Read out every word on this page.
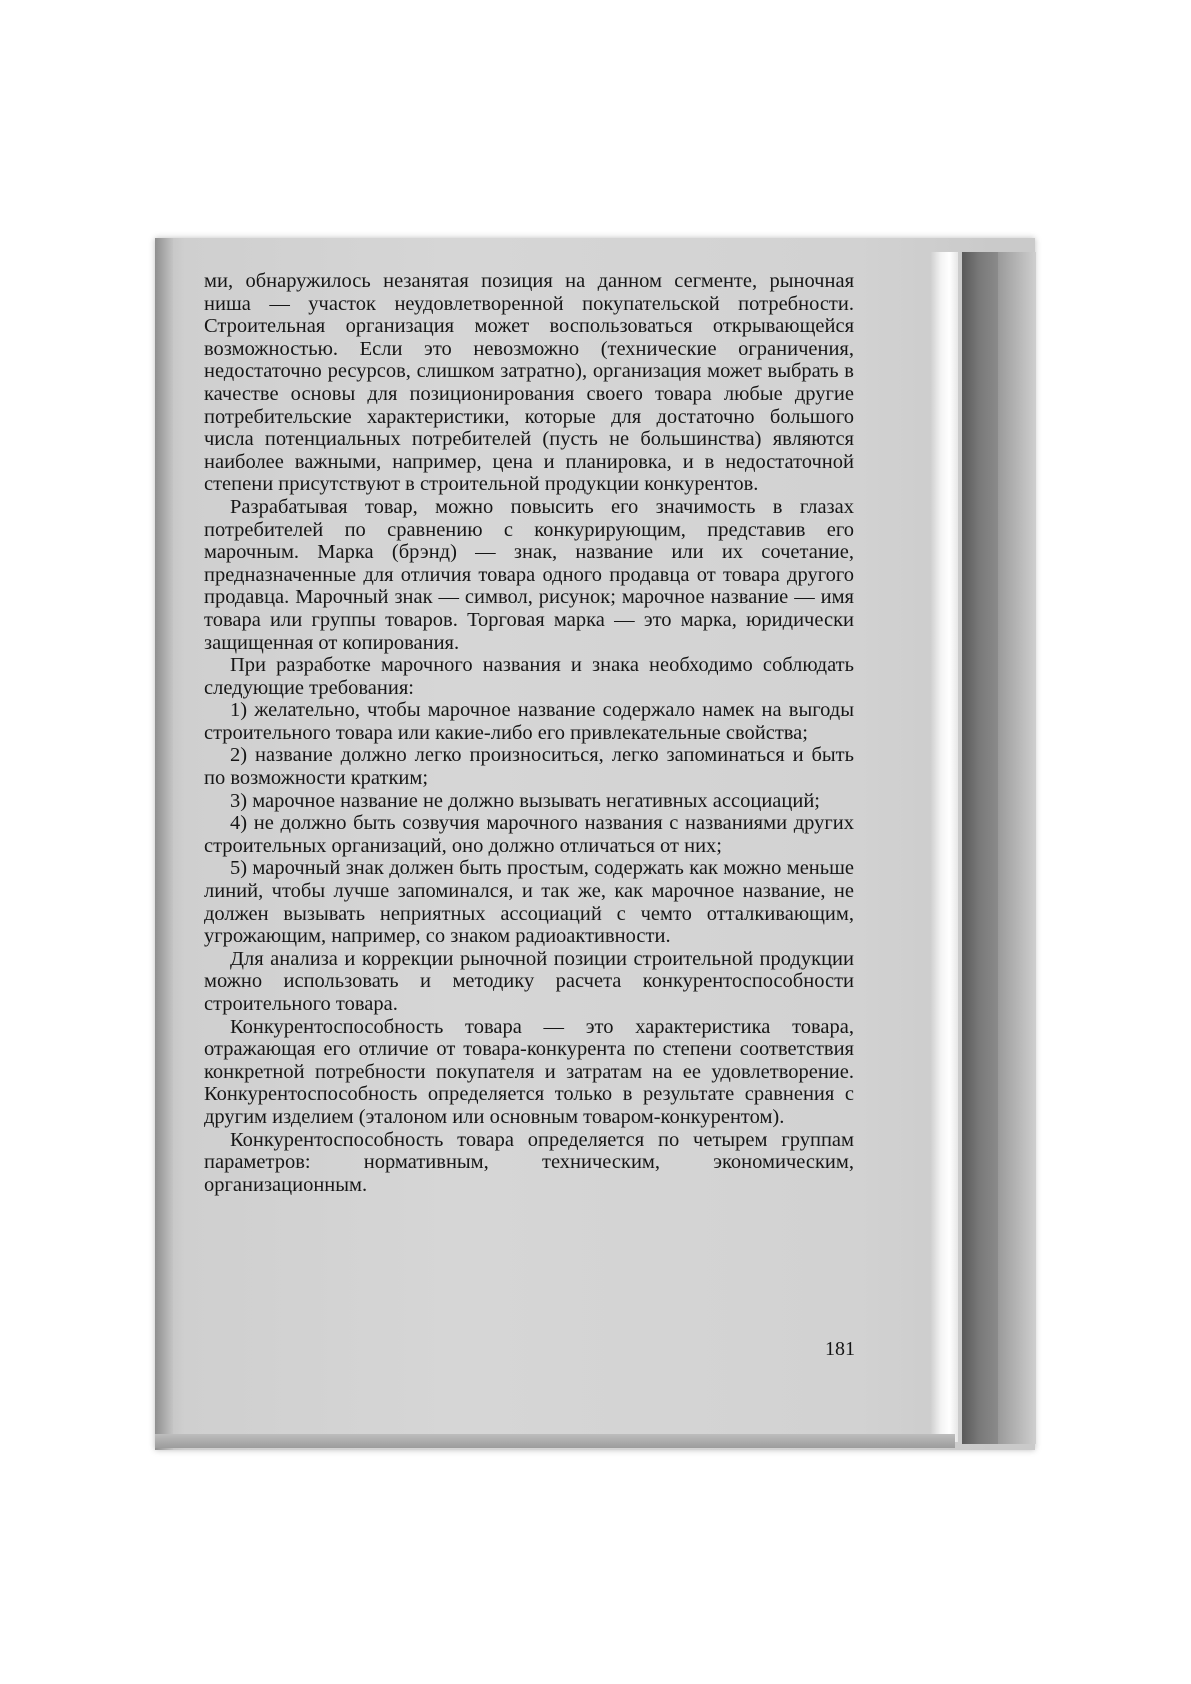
ми, обнаружилось незанятая позиция на данном сегменте, рыночная ниша — участок неудовлетворенной покупательской потребности. Строительная организация может воспользоваться открывающейся возможностью. Если это невозможно (технические ограничения, недостаточно ресурсов, слишком затратно), организация может выбрать в качестве основы для позиционирования своего товара любые другие потребительские характеристики, которые для достаточно большого числа потенциальных потребителей (пусть не большинства) являются наиболее важными, например, цена и планировка, и в недостаточной степени присутствуют в строительной продукции конкурентов.

Разрабатывая товар, можно повысить его значимость в глазах потребителей по сравнению с конкурирующим, представив его марочным. Марка (брэнд) — знак, название или их сочетание, предназначенные для отличия товара одного продавца от товара другого продавца. Марочный знак — символ, рисунок; марочное название — имя товара или группы товаров. Торговая марка — это марка, юридически защищенная от копирования.

При разработке марочного названия и знака необходимо соблюдать следующие требования:

1) желательно, чтобы марочное название содержало намек на выгоды строительного товара или какие-либо его привлекательные свойства;

2) название должно легко произноситься, легко запоминаться и быть по возможности кратким;

3) марочное название не должно вызывать негативных ассоциаций;

4) не должно быть созвучия марочного названия с названиями других строительных организаций, оно должно отличаться от них;

5) марочный знак должен быть простым, содержать как можно меньше линий, чтобы лучше запоминался, и так же, как марочное название, не должен вызывать неприятных ассоциаций с чемто отталкивающим, угрожающим, например, со знаком радиоактивности.

Для анализа и коррекции рыночной позиции строительной продукции можно использовать и методику расчета конкурентоспособности строительного товара.

Конкурентоспособность товара — это характеристика товара, отражающая его отличие от товара-конкурента по степени соответствия конкретной потребности покупателя и затратам на ее удовлетворение. Конкурентоспособность определяется только в результате сравнения с другим изделием (эталоном или основным товаром-конкурентом).

Конкурентоспособность товара определяется по четырем группам параметров: нормативным, техническим, экономическим, организационным.

181
